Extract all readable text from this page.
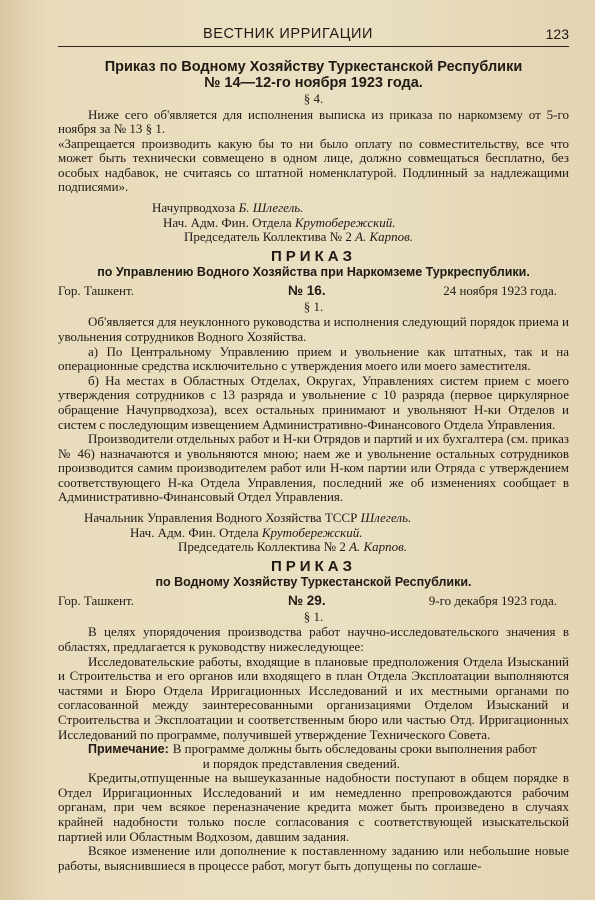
ВЕСТНИК ИРРИГАЦИИ	123
Приказ по Водному Хозяйству Туркестанской Республики
№ 14—12-го ноября 1923 года.
§ 4.

Ниже сего об'является для исполнения выписка из приказа по наркомзему от 5-го ноября за № 13 § 1.

«Запрещается производить какую бы то ни было оплату по совместительству, все что может быть технически совмещено в одном лице, должно совмещаться бесплатно, без особых надбавок, не считаясь со штатной номенклатурой. Подлинный за надлежащими подписями».

Начупрводхоза Б. Шлегель.
Нач. Адм. Фин. Отдела Крутобережский.
Председатель Коллектива № 2 А. Карпов.
ПРИКАЗ
по Управлению Водного Хозяйства при Наркомземе Туркреспублики.
Гор. Ташкент.	№ 16.	24 ноября 1923 года.
§ 1.

Об'является для неуклонного руководства и исполнения следующий порядок приема и увольнения сотрудников Водного Хозяйства.

а) По Центральному Управлению прием и увольнение как штатных, так и на операционные средства исключительно с утверждения моего или моего заместителя.

б) На местах в Областных Отделах, Округах, Управлениях систем прием с моего утверждения сотрудников с 13 разряда и увольнение с 10 разряда (первое циркулярное обращение Начупрводхоза), всех остальных принимают и увольняют Н-ки Отделов и систем с последующим извещением Административно-Финансового Отдела Управления.

Производители отдельных работ и Н-ки Отрядов и партий и их бухгалтера (см. приказ № 46) назначаются и увольняются мною; наем же и увольнение остальных сотрудников производится самим производителем работ или Н-ком партии или Отряда с утверждением соответствующего Н-ка Отдела Управления, последний же об изменениях сообщает в Административно-Финансовый Отдел Управления.

Начальник Управления Водного Хозяйства ТССР Шлегель.
Нач. Адм. Фин. Отдела Крутобережский.
Председатель Коллектива № 2 А. Карпов.
ПРИКАЗ
по Водному Хозяйству Туркестанской Республики.
Гор. Ташкент.	№ 29.	9-го декабря 1923 года.
§ 1.

В целях упорядочения производства работ научно-исследовательского значения в областях, предлагается к руководству нижеследующее:

Исследовательские работы, входящие в плановые предположения Отдела Изысканий и Строительства и его органов или входящего в план Отдела Эксплоатации выполняются частями и Бюро Отдела Ирригационных Исследований и их местными органами по согласованной между заинтересованными организациями Отделом Изысканий и Строительства и Эксплоатации и соответственным бюро или частью Отд. Ирригационных Исследований по программе, получившей утверждение Технического Совета.

Примечание: В программе должны быть обследованы сроки выполнения работ
и порядок представления сведений.

Кредиты,отпущенные на вышеуказанные надобности поступают в общем порядке в Отдел Ирригационных Исследований и им немедленно препровождаются рабочим органам, при чем всякое переназначение кредита может быть произведено в случаях крайней надобности только после согласования с соответствующей изыскательской партией или Областным Водхозом, давшим задания.

Всякое изменение или дополнение к поставленному заданию или небольшие новые работы, выяснившиеся в процессе работ, могут быть допущены по соглаше-
